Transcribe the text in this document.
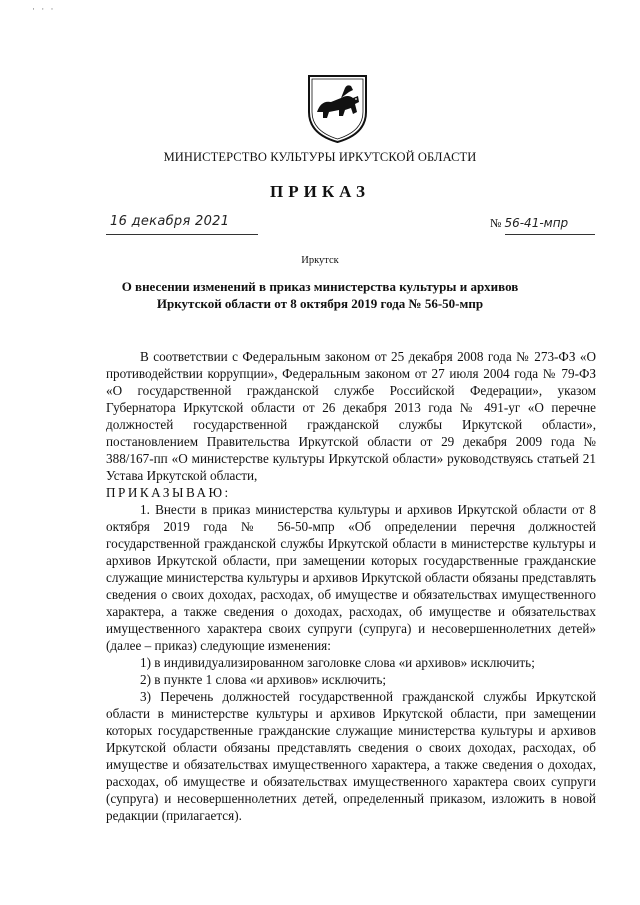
· · ·
МИНИСТЕРСТВО КУЛЬТУРЫ ИРКУТСКОЙ ОБЛАСТИ
ПРИКАЗ
16 декабря 2021	№ 56-41-мпр
Иркутск
О внесении изменений в приказ министерства культуры и архивов Иркутской области от 8 октября 2019 года № 56-50-мпр

В соответствии с Федеральным законом от 25 декабря 2008 года № 273-ФЗ «О противодействии коррупции», Федеральным законом от 27 июля 2004 года № 79-ФЗ «О государственной гражданской службе Российской Федерации», указом Губернатора Иркутской области от 26 декабря 2013 года № 491-уг «О перечне должностей государственной гражданской службы Иркутской области», постановлением Правительства Иркутской области от 29 декабря 2009 года № 388/167-пп «О министерстве культуры Иркутской области» руководствуясь статьей 21 Устава Иркутской области,

ПРИКАЗЫВАЮ:

1. Внести в приказ министерства культуры и архивов Иркутской области от 8 октября 2019 года № 56-50-мпр «Об определении перечня должностей государственной гражданской службы Иркутской области в министерстве культуры и архивов Иркутской области, при замещении которых государственные гражданские служащие министерства культуры и архивов Иркутской области обязаны представлять сведения о своих доходах, расходах, об имуществе и обязательствах имущественного характера, а также сведения о доходах, расходах, об имуществе и обязательствах имущественного характера своих супруги (супруга) и несовершеннолетних детей» (далее – приказ) следующие изменения:

1) в индивидуализированном заголовке слова «и архивов» исключить;

2) в пункте 1 слова «и архивов» исключить;

3) Перечень должностей государственной гражданской службы Иркутской области в министерстве культуры и архивов Иркутской области, при замещении которых государственные гражданские служащие министерства культуры и архивов Иркутской области обязаны представлять сведения о своих доходах, расходах, об имуществе и обязательствах имущественного характера, а также сведения о доходах, расходах, об имуществе и обязательствах имущественного характера своих супруги (супруга) и несовершеннолетних детей, определенный приказом, изложить в новой редакции (прилагается).
